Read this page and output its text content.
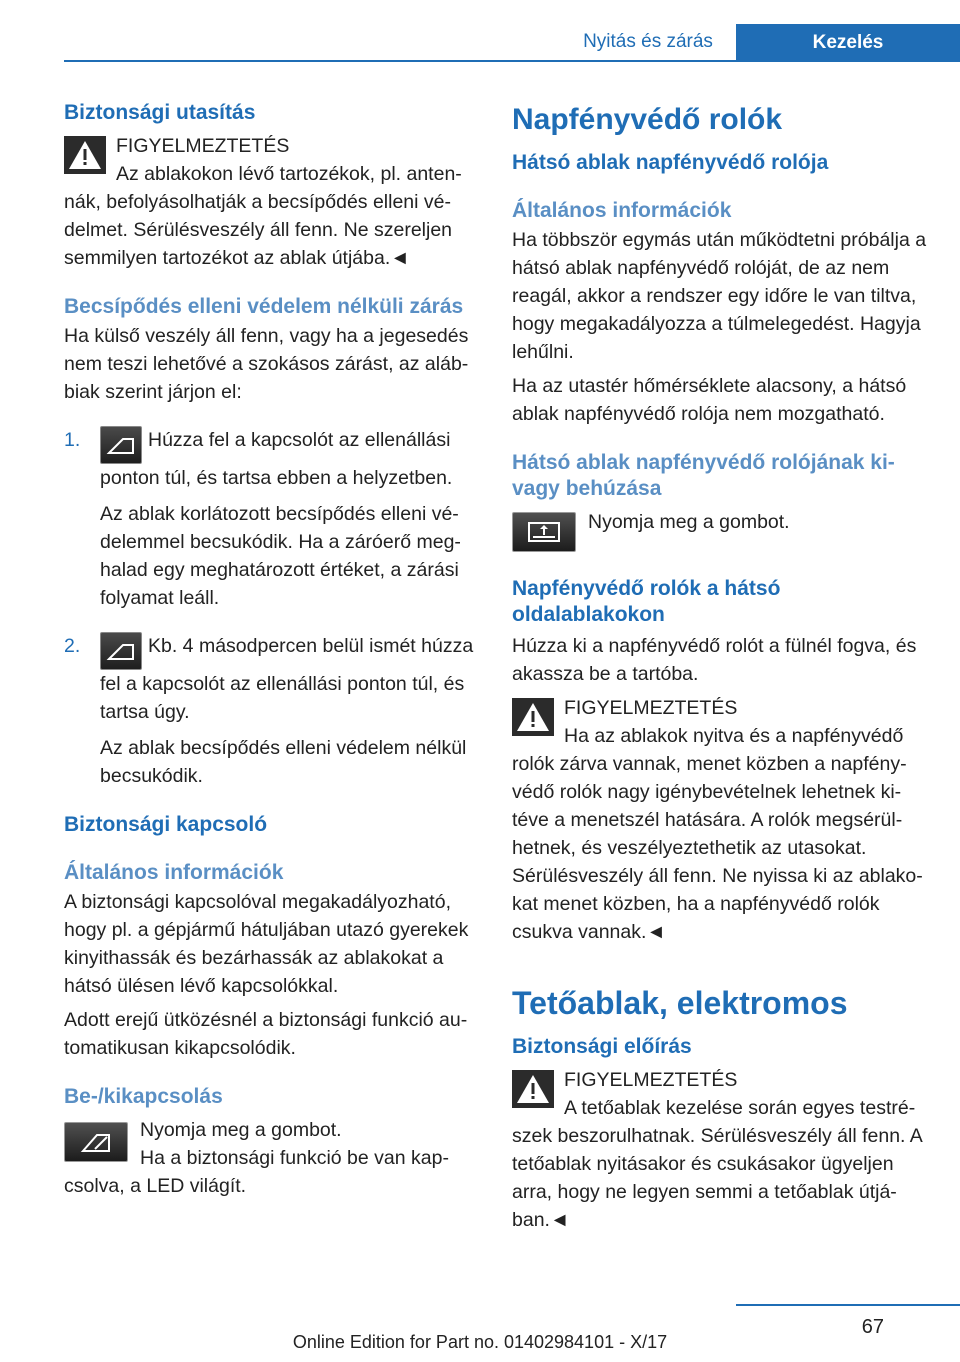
Nyitás és zárás	Kezelés
Biztonsági utasítás
FIGYELMEZTETÉS
Az ablakokon lévő tartozékok, pl. anten‐
nák, befolyásolhatják a becsípődés elleni vé‐ delmet. Sérülésveszély áll fenn. Ne szereljen semmilyen tartozékot az ablak útjába.◄
Becsípődés elleni védelem nélküli zárás

Ha külső veszély áll fenn, vagy ha a jegesedés nem teszi lehetővé a szokásos zárást, az aláb‐ biak szerint járjon el:

1.	Húzza fel a kapcsolót az ellenállási ponton túl, és tartsa ebben a helyzetben.

Az ablak korlátozott becsípődés elleni vé‐ delemmel becsukódik. Ha a záróerő meg‐ halad egy meghatározott értéket, a zárási folyamat leáll.

2.	Kb. 4 másodpercen belül ismét húzza fel a kapcsolót az ellenállási ponton túl, és tartsa úgy.

Az ablak becsípődés elleni védelem nélkül becsukódik.

Biztonsági kapcsoló
Általános információk

A biztonsági kapcsolóval megakadályozható, hogy pl. a gépjármű hátuljában utazó gyerekek kinyithassák és bezárhassák az ablakokat a hátsó ülésen lévő kapcsolókkal.

Adott erejű ütközésnél a biztonsági funkció au‐ tomatikusan kikapcsolódik.

Be-/kikapcsolás
Nyomja meg a gombot.
Ha a biztonsági funkció be van kap‐
csolva, a LED világít.
Napfényvédő rolók
Hátsó ablak napfényvédő rolója
Általános információk

Ha többször egymás után működtetni próbálja a hátsó ablak napfényvédő rolóját, de az nem reagál, akkor a rendszer egy időre le van tiltva, hogy megakadályozza a túlmelegedést. Hagyja lehűlni.

Ha az utastér hőmérséklete alacsony, a hátsó ablak napfényvédő rolója nem mozgatható.

Hátsó ablak napfényvédő rolójának ki- vagy behúzása
Nyomja meg a gombot.
Napfényvédő rolók a hátsó oldalablakokon

Húzza ki a napfényvédő rolót a fülnél fogva, és akassza be a tartóba.

FIGYELMEZTETÉS
Ha az ablakok nyitva és a napfényvédő
rolók zárva vannak, menet közben a napfény‐ védő rolók nagy igénybevételnek lehetnek ki‐ téve a menetszél hatására. A rolók megsérül‐ hetnek, és veszélyeztethetik az utasokat. Sérülésveszély áll fenn. Ne nyissa ki az ablako‐ kat menet közben, ha a napfényvédő rolók csukva vannak.◄
Tetőablak, elektromos
Biztonsági előírás
FIGYELMEZTETÉS
A tetőablak kezelése során egyes testré‐
szek beszorulhatnak. Sérülésveszély áll fenn. A tetőablak nyitásakor és csukásakor ügyeljen arra, hogy ne legyen semmi a tetőablak útjá‐ ban.◄
67
Online Edition for Part no. 01402984101 - X/17
